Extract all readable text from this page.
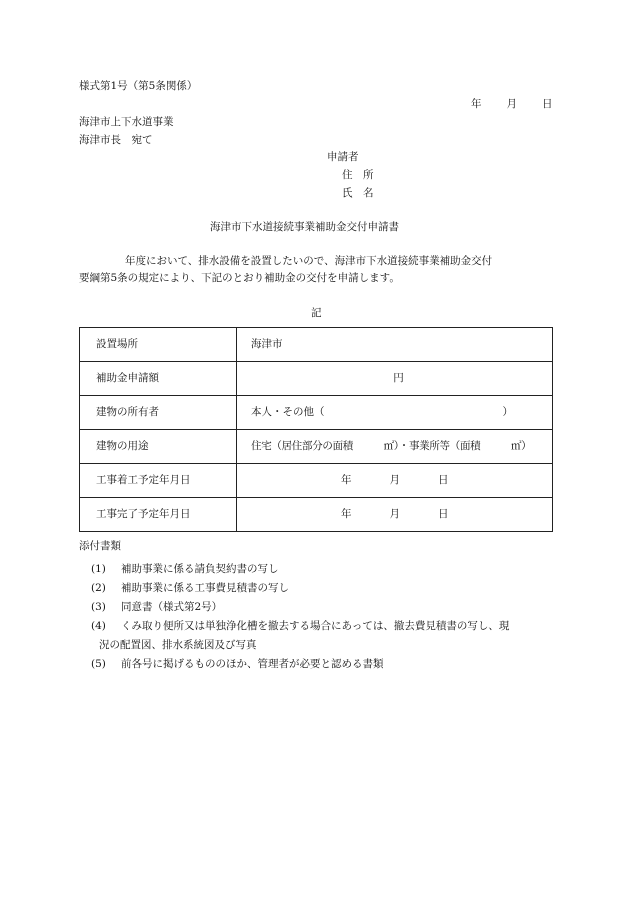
様式第1号（第5条関係）
年 月 日
海津市上下水道事業
海津市長　宛て
申請者
住　所
氏　名
海津市下水道接続事業補助金交付申請書
年度において、排水設備を設置したいので、海津市下水道接続事業補助金交付
要綱第5条の規定により、下記のとおり補助金の交付を申請します。
記
設置場所	海津市
補助金申請額	円
建物の所有者	本人・その他（ ）
建物の用途	住宅（居住部分の面積　　　㎡）・事業所等（面積　　　㎡）
工事着工予定年月日	年 月 日
工事完了予定年月日	年 月 日
添付書類
(1) 補助事業に係る請負契約書の写し
(2) 補助事業に係る工事費見積書の写し
(3) 同意書（様式第2号）
(4) くみ取り便所又は単独浄化槽を撤去する場合にあっては、撤去費見積書の写し、現
況の配置図、排水系統図及び写真
(5) 前各号に掲げるもののほか、管理者が必要と認める書類
